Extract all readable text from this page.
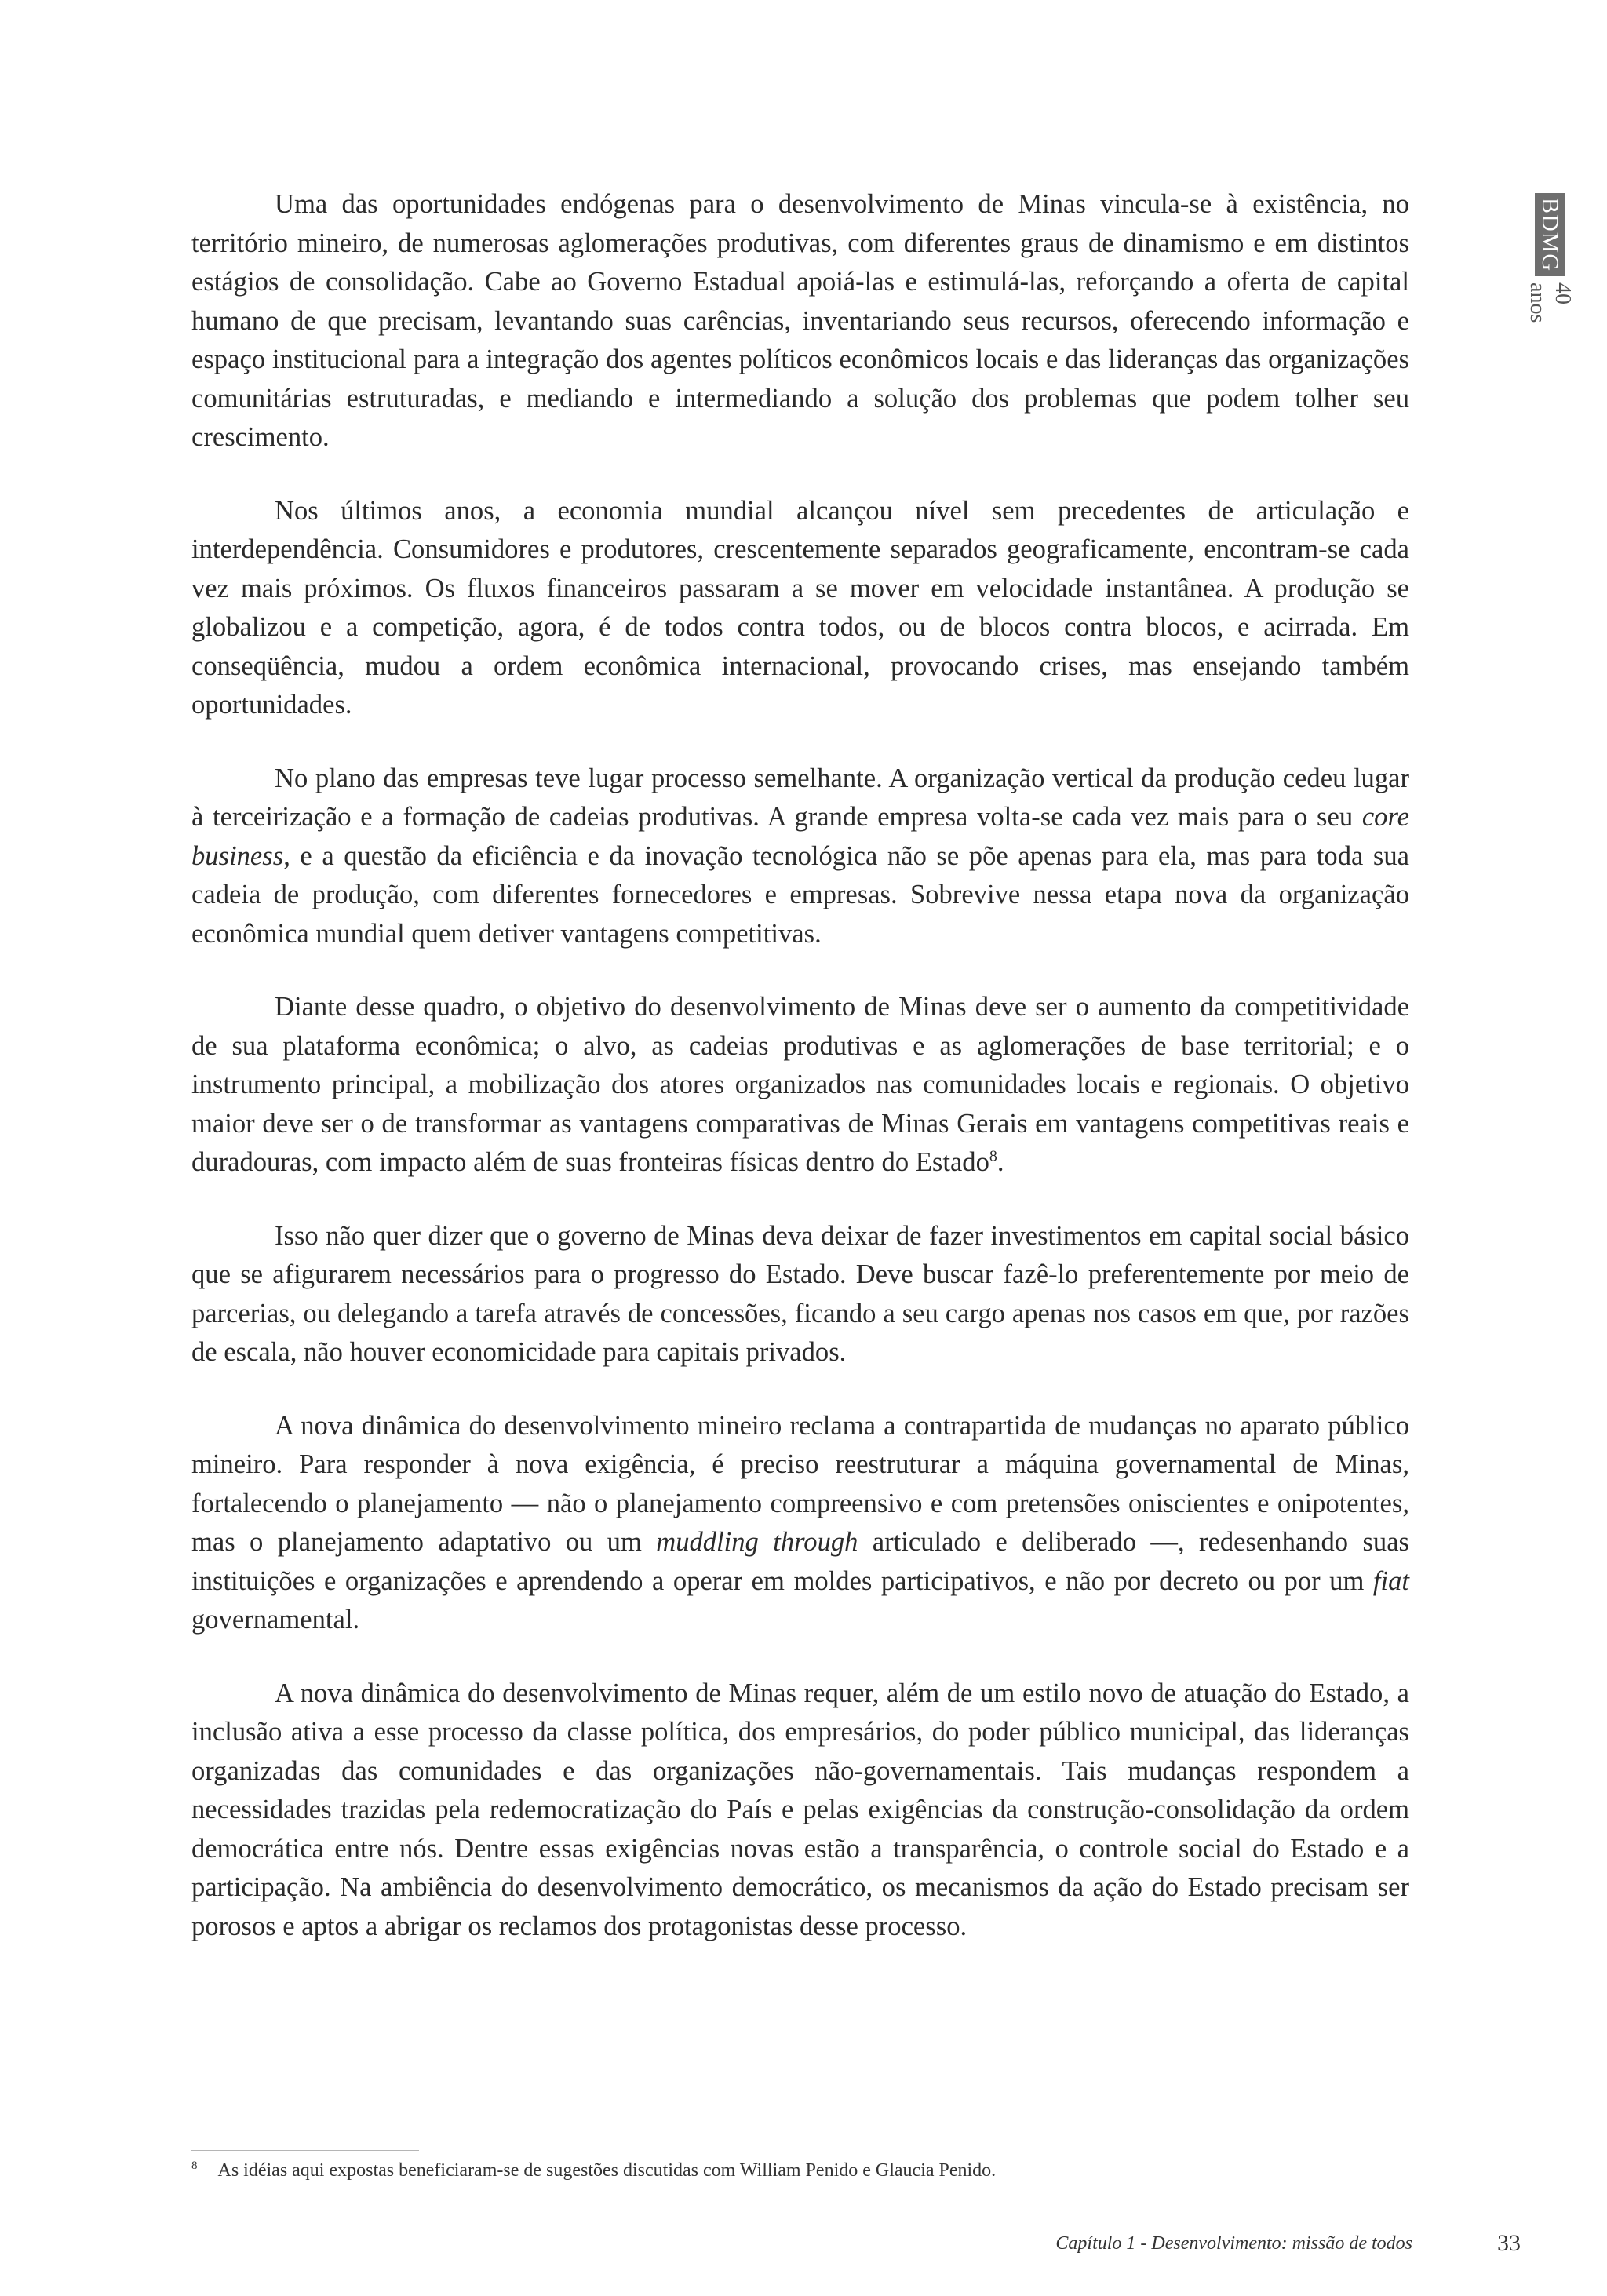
BDMG
40 anos

Uma das oportunidades endógenas para o desenvolvimento de Minas vincula-se à existência, no território mineiro, de numerosas aglomerações produtivas, com diferentes graus de dinamismo e em distintos estágios de consolidação. Cabe ao Governo Estadual apoiá-las e estimulá-las, reforçando a oferta de capital humano de que precisam, levantando suas carências, inventariando seus recursos, oferecendo informação e espaço institucional para a integração dos agentes políticos econômicos locais e das lideranças das organizações comunitárias estruturadas, e mediando e intermediando a solução dos problemas que podem tolher seu crescimento.

Nos últimos anos, a economia mundial alcançou nível sem precedentes de articulação e interdependência. Consumidores e produtores, crescentemente separados geograficamente, encontram-se cada vez mais próximos. Os fluxos financeiros passaram a se mover em velocidade instantânea. A produção se globalizou e a competição, agora, é de todos contra todos, ou de blocos contra blocos, e acirrada. Em conseqüência, mudou a ordem econômica internacional, provocando crises, mas ensejando também oportunidades.

No plano das empresas teve lugar processo semelhante. A organização vertical da produção cedeu lugar à terceirização e a formação de cadeias produtivas. A grande empresa volta-se cada vez mais para o seu core business, e a questão da eficiência e da inovação tecnológica não se põe apenas para ela, mas para toda sua cadeia de produção, com diferentes fornecedores e empresas. Sobrevive nessa etapa nova da organização econômica mundial quem detiver vantagens competitivas.

Diante desse quadro, o objetivo do desenvolvimento de Minas deve ser o aumento da competitividade de sua plataforma econômica; o alvo, as cadeias produtivas e as aglomerações de base territorial; e o instrumento principal, a mobilização dos atores organizados nas comunidades locais e regionais. O objetivo maior deve ser o de transformar as vantagens comparativas de Minas Gerais em vantagens competitivas reais e duradouras, com impacto além de suas fronteiras físicas dentro do Estado$^8$.

Isso não quer dizer que o governo de Minas deva deixar de fazer investimentos em capital social básico que se afigurarem necessários para o progresso do Estado. Deve buscar fazê-lo preferentemente por meio de parcerias, ou delegando a tarefa através de concessões, ficando a seu cargo apenas nos casos em que, por razões de escala, não houver economicidade para capitais privados.

A nova dinâmica do desenvolvimento mineiro reclama a contrapartida de mudanças no aparato público mineiro. Para responder à nova exigência, é preciso reestruturar a máquina governamental de Minas, fortalecendo o planejamento — não o planejamento compreensivo e com pretensões oniscientes e onipotentes, mas o planejamento adaptativo ou um muddling through articulado e deliberado —, redesenhando suas instituições e organizações e aprendendo a operar em moldes participativos, e não por decreto ou por um fiat governamental.

A nova dinâmica do desenvolvimento de Minas requer, além de um estilo novo de atuação do Estado, a inclusão ativa a esse processo da classe política, dos empresários, do poder público municipal, das lideranças organizadas das comunidades e das organizações não-governamentais. Tais mudanças respondem a necessidades trazidas pela redemocratização do País e pelas exigências da construção-consolidação da ordem democrática entre nós. Dentre essas exigências novas estão a transparência, o controle social do Estado e a participação. Na ambiência do desenvolvimento democrático, os mecanismos da ação do Estado precisam ser porosos e aptos a abrigar os reclamos dos protagonistas desse processo.

$^8$ As idéias aqui expostas beneficiaram-se de sugestões discutidas com William Penido e Glaucia Penido.
Capítulo 1 - Desenvolvimento: missão de todos	33
